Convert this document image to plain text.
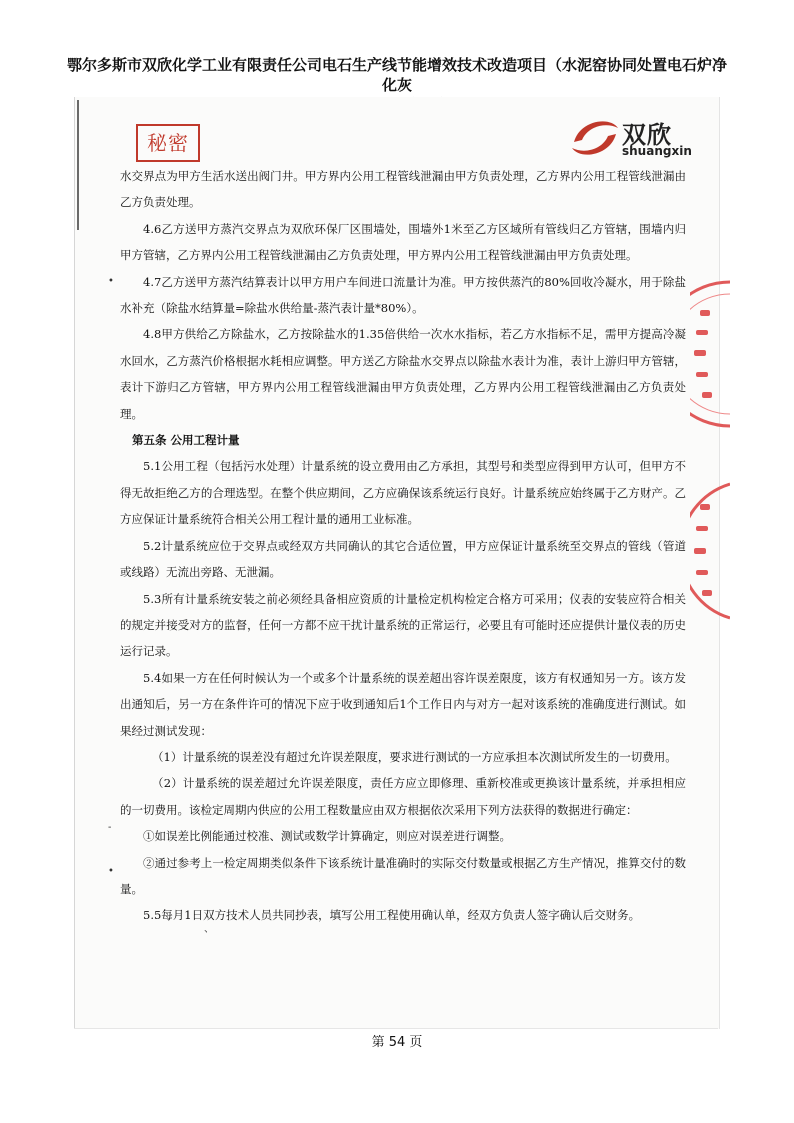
鄂尔多斯市双欣化学工业有限责任公司电石生产线节能增效技术改造项目（水泥窑协同处置电石炉净化灰
秘密	双欣
shuangxin

水交界点为甲方生活水送出阀门井。甲方界内公用工程管线泄漏由甲方负责处理，乙方界内公用工程管线泄漏由乙方负责处理。

4.6乙方送甲方蒸汽交界点为双欣环保厂区围墙处，围墙外1米至乙方区域所有管线归乙方管辖，围墙内归甲方管辖，乙方界内公用工程管线泄漏由乙方负责处理，甲方界内公用工程管线泄漏由甲方负责处理。

4.7乙方送甲方蒸汽结算表计以甲方用户车间进口流量计为准。甲方按供蒸汽的80%回收冷凝水，用于除盐水补充（除盐水结算量=除盐水供给量-蒸汽表计量*80%）。

4.8甲方供给乙方除盐水，乙方按除盐水的1.35倍供给一次水水指标，若乙方水指标不足，需甲方提高冷凝水回水，乙方蒸汽价格根据水耗相应调整。甲方送乙方除盐水交界点以除盐水表计为准，表计上游归甲方管辖，表计下游归乙方管辖，甲方界内公用工程管线泄漏由甲方负责处理，乙方界内公用工程管线泄漏由乙方负责处理。

第五条 公用工程计量

5.1公用工程（包括污水处理）计量系统的设立费用由乙方承担，其型号和类型应得到甲方认可，但甲方不得无故拒绝乙方的合理选型。在整个供应期间，乙方应确保该系统运行良好。计量系统应始终属于乙方财产。乙方应保证计量系统符合相关公用工程计量的通用工业标准。

5.2计量系统应位于交界点或经双方共同确认的其它合适位置，甲方应保证计量系统至交界点的管线（管道或线路）无流出旁路、无泄漏。

5.3所有计量系统安装之前必须经具备相应资质的计量检定机构检定合格方可采用；仪表的安装应符合相关的规定并接受对方的监督，任何一方都不应干扰计量系统的正常运行，必要且有可能时还应提供计量仪表的历史运行记录。

5.4如果一方在任何时候认为一个或多个计量系统的误差超出容许误差限度，该方有权通知另一方。该方发出通知后，另一方在条件许可的情况下应于收到通知后1个工作日内与对方一起对该系统的准确度进行测试。如果经过测试发现：

（1）计量系统的误差没有超过允许误差限度，要求进行测试的一方应承担本次测试所发生的一切费用。

（2）计量系统的误差超过允许误差限度，责任方应立即修理、重新校准或更换该计量系统，并承担相应的一切费用。该检定周期内供应的公用工程数量应由双方根据依次采用下列方法获得的数据进行确定：

①如误差比例能通过校准、测试或数学计算确定，则应对误差进行调整。

②通过参考上一检定周期类似条件下该系统计量准确时的实际交付数量或根据乙方生产情况，推算交付的数量。

5.5每月1日双方技术人员共同抄表，填写公用工程使用确认单，经双方负责人签字确认后交财务。

•
-
•
、
第 54 页
